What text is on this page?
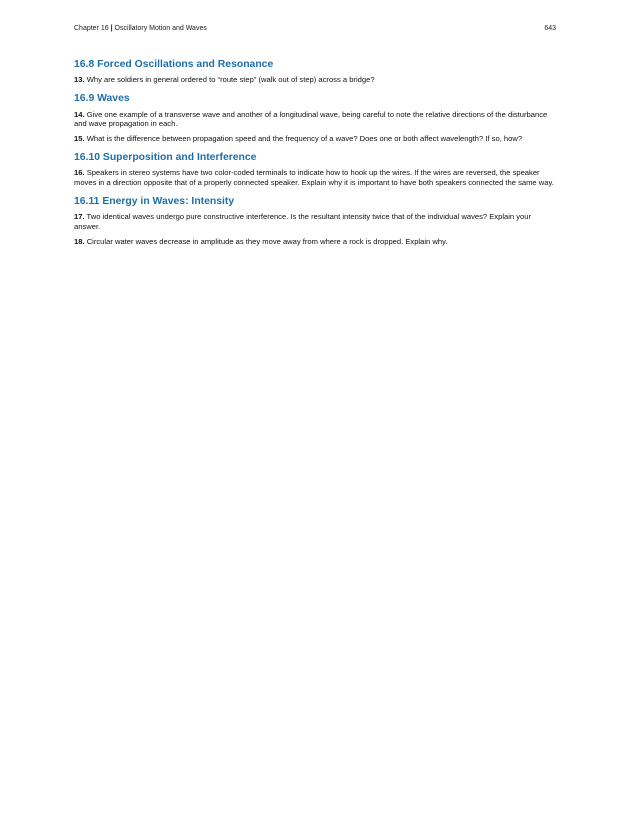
Chapter 16 | Oscillatory Motion and Waves	643
16.8 Forced Oscillations and Resonance

13. Why are soldiers in general ordered to “route step” (walk out of step) across a bridge?

16.9 Waves

14. Give one example of a transverse wave and another of a longitudinal wave, being careful to note the relative directions of the disturbance and wave propagation in each.

15. What is the difference between propagation speed and the frequency of a wave? Does one or both affect wavelength? If so, how?

16.10 Superposition and Interference

16. Speakers in stereo systems have two color-coded terminals to indicate how to hook up the wires. If the wires are reversed, the speaker moves in a direction opposite that of a properly connected speaker. Explain why it is important to have both speakers connected the same way.

16.11 Energy in Waves: Intensity

17. Two identical waves undergo pure constructive interference. Is the resultant intensity twice that of the individual waves? Explain your answer.

18. Circular water waves decrease in amplitude as they move away from where a rock is dropped. Explain why.
